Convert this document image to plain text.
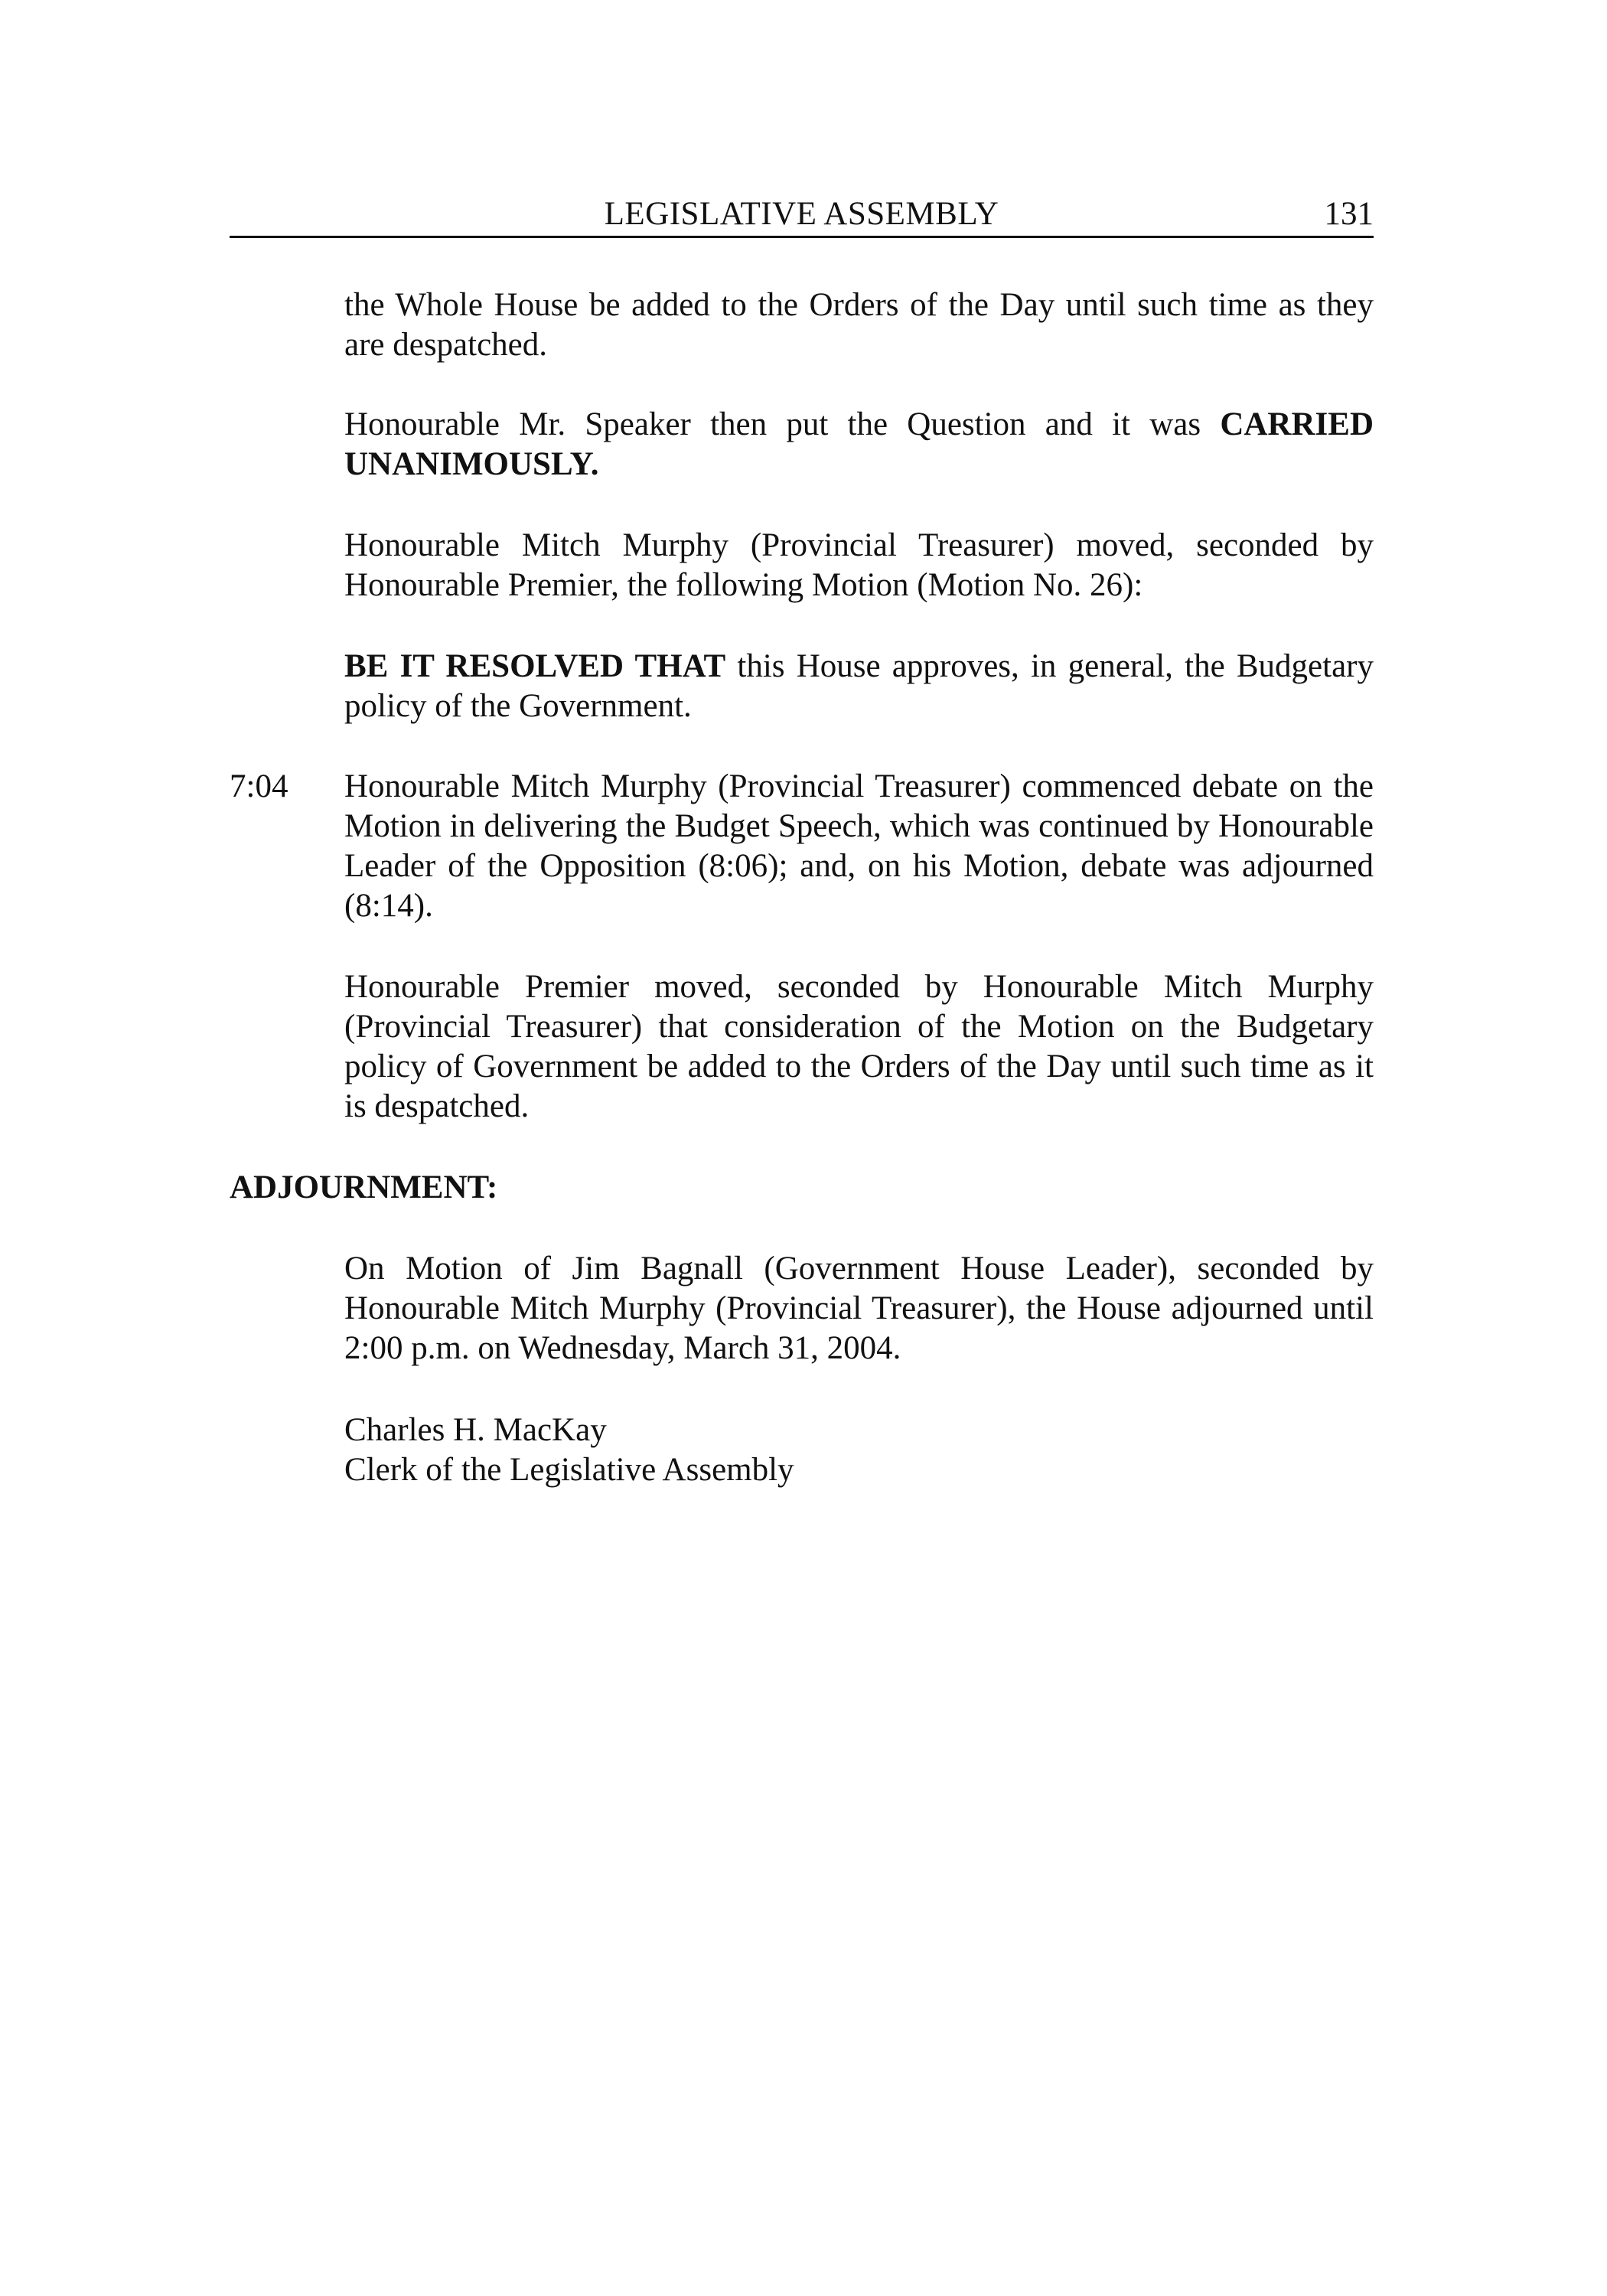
LEGISLATIVE ASSEMBLY	131

the Whole House be added to the Orders of the Day until such time as they are despatched.

Honourable Mr. Speaker then put the Question and it was CARRIED UNANIMOUSLY.

Honourable Mitch Murphy (Provincial Treasurer) moved, seconded by Honourable Premier, the following Motion (Motion No. 26):

BE IT RESOLVED THAT this House approves, in general, the Budgetary policy of the Government.

7:04 Honourable Mitch Murphy (Provincial Treasurer) commenced debate on the Motion in delivering the Budget Speech, which was continued by Honourable Leader of the Opposition (8:06); and, on his Motion, debate was adjourned (8:14).

Honourable Premier moved, seconded by Honourable Mitch Murphy (Provincial Treasurer) that consideration of the Motion on the Budgetary policy of Government be added to the Orders of the Day until such time as it is despatched.

ADJOURNMENT:

On Motion of Jim Bagnall (Government House Leader), seconded by Honourable Mitch Murphy (Provincial Treasurer), the House adjourned until 2:00 p.m. on Wednesday, March 31, 2004.

Charles H. MacKay

Clerk of the Legislative Assembly
